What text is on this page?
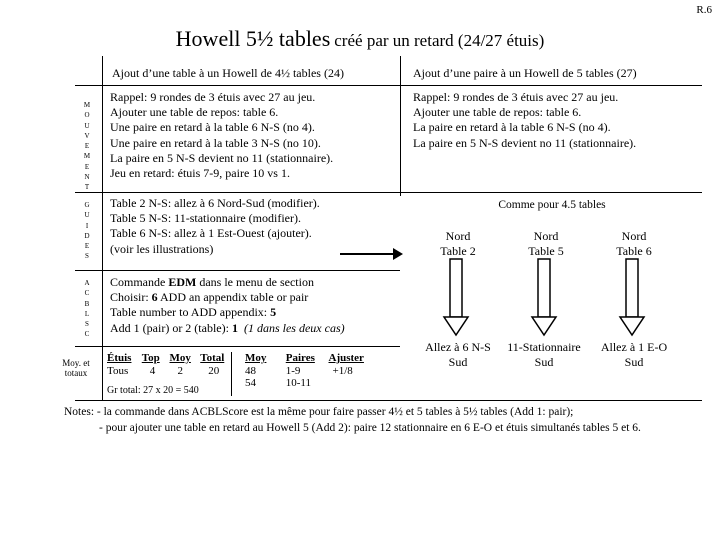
R.6
Howell 5½ tables créé par un retard (24/27 étuis)
Ajout d’une table à un Howell de 4½ tables (24)	Ajout d’une paire à un Howell de 5 tables (27)
M
O
U
V
E
M
E
N
T
Rappel: 9 rondes de 3 étuis avec 27 au jeu.
Ajouter une table de repos: table 6.
Une paire en retard à la table 6 N-S (no 4).
Une paire en retard à la table 3 N-S (no 10).
La paire en 5 N-S devient no 11 (stationnaire).
Jeu en retard: étuis 7-9, paire 10 vs 1.
Rappel: 9 rondes de 3 étuis avec 27 au jeu.
Ajouter une table de repos: table 6.
La paire en retard à la table 6 N-S (no 4).
La paire en 5 N-S devient no 11 (stationnaire).
G
U
I
D
E
S
Table 2 N-S: allez à 6 Nord-Sud (modifier).
Table 5 N-S: 11-stationnaire (modifier).
Table 6 N-S: allez à 1 Est-Ouest (ajouter).
(voir les illustrations)
Comme pour 4.5 tables
Nord
Table 2
Nord
Table 5
Nord
Table 6
Allez à 6 N-S
Sud
11-Stationnaire
Sud
Allez à 1 E-O
Sud
A
C
B
L
S
C
Commande EDM dans le menu de section
Choisir: 6 ADD an appendix table or pair
Table number to ADD appendix: 5
Add 1 (pair) or 2 (table): 1 (1 dans les deux cas)
Moy. et
totaux
Étuis Top Moy Total
Tous 4 2 20
Gr total: 27 x 20 = 540
Moy Paires Ajuster
48	1-9	+1/8
54	10-11
Notes: - la commande dans ACBLScore est la même pour faire passer 4½ et 5 tables à 5½ tables (Add 1: pair);
- pour ajouter une table en retard au Howell 5 (Add 2): paire 12 stationnaire en 6 E-O et étuis simultanés tables 5 et 6.
